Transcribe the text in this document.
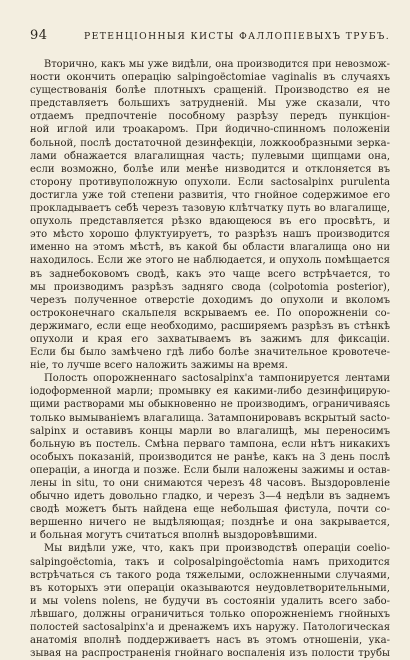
94	РЕТЕНЦIОННЫЯ КИСТЫ ФАЛЛОПIЕВЫХЪ ТРУБЪ.
Вторично, какъ мы уже видѣли, она производится при невозмож-
ности окончить операцiю salpingoëctomiae vaginalis въ случаяхъ
существованія болѣе плотныхъ сращеній. Производство ея не
представляетъ большихъ затрудненій. Мы уже сказали, что
отдаемъ предпочтеніе пособному разрѣзу передъ пункціон-
ной иглой или троакаромъ. При йодично-спинномъ положеніи
больной, послѣ достаточной дезинфекціи, ложкообразными зерка-
лами обнажается влагалищная часть; пулевыми щипцами она,
если возможно, болѣе или менѣе низводится и отклоняется въ
сторону противуположную опухоли. Если sactosalpinx purulenta
достигла уже той степени развитія, что гнойное содержимое его
прокладываетъ себѣ черезъ тазовую клѣтчатку путь во влагалище,
опухоль представляется рѣзко вдающеюся въ его просвѣтъ, и
это мѣсто хорошо флуктуируетъ, то разрѣзъ нашъ производится
именно на этомъ мѣстѣ, въ какой бы области влагалища оно ни
находилось. Если же этого не наблюдается, и опухоль помѣщается
въ заднебоковомъ сводѣ, какъ это чаще всего встрѣчается, то
мы производимъ разрѣзъ задняго свода (colpotomia posterior),
черезъ полученное отверстіе доходимъ до опухоли и вколомъ
остроконечнаго скальпеля вскрываемъ ее. По опорожненіи со-
держимаго, если еще необходимо, расширяемъ разрѣзъ въ стѣнкѣ
опухоли и края его захватываемъ въ зажимъ для фиксаціи.
Если бы было замѣчено гдѣ либо болѣе значительное кровотече-
ніе, то лучше всего наложить зажимы на время.
Полость опорожненнаго sactosalpinx'а тампонируется лентами
іодоформенной марли; промывку ея какими-либо дезинфицирую-
щими растворами мы обыкновенно не производимъ, ограничиваясь
только вымываніемъ влагалища. Затампонировавъ вскрытый sacto-
salpinx и оставивъ концы марли во влагалищѣ, мы переносимъ
больную въ постель. Смѣна перваго тампона, если нѣтъ никакихъ
особыхъ показаній, производится не ранѣе, какъ на 3 день послѣ
операціи, а иногда и позже. Если были наложены зажимы и остав-
лены in situ, то они снимаются черезъ 48 часовъ. Выздоровленіе
обычно идетъ довольно гладко, и черезъ 3—4 недѣли въ заднемъ
сводѣ можетъ быть найдена еще небольшая фистула, почти со-
вершенно ничего не выдѣляющая; позднѣе и она закрывается,
и больная могутъ считаться вполнѣ выздоровѣвшими.
Мы видѣли уже, что, какъ при производствѣ операцiи coelio-
salpingoëctomia, такъ и colposalpingoëctomia намъ приходится
встрѣчаться съ такого рода тяжелыми, осложненными случаями,
въ которыхъ эти операціи оказываются неудовлетворительными,
и мы volens nolens, не будучи въ состояніи удалить всего забо-
лѣвшаго, должны ограничиться только опорожненіемъ гнойныхъ
полостей sactosalpinx'а и дренажемъ ихъ наружу. Патологическая
анатомія вполнѣ поддерживаетъ насъ въ этомъ отношеніи, ука-
зывая на распространенія гнойнаго воспаленія изъ полости трубы
